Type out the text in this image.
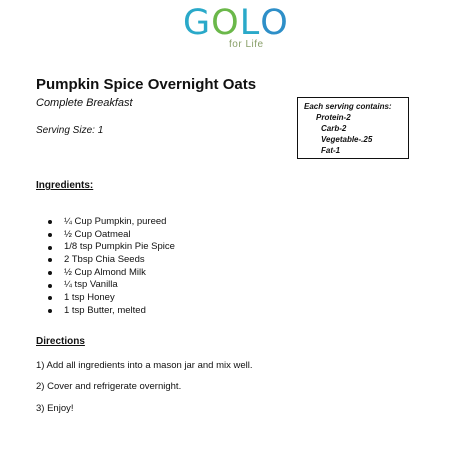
G O L O
for Life
Pumpkin Spice Overnight Oats
Complete Breakfast
Serving Size: 1
Each serving contains:
Protein-2
Carb-2
Vegetable-.25
Fat-1
Ingredients:
¼ Cup Pumpkin, pureed
½ Cup Oatmeal
1/8 tsp Pumpkin Pie Spice
2 Tbsp Chia Seeds
½ Cup Almond Milk
¼ tsp Vanilla
1 tsp Honey
1 tsp Butter, melted
Directions
1) Add all ingredients into a mason jar and mix well.
2) Cover and refrigerate overnight.
3) Enjoy!
